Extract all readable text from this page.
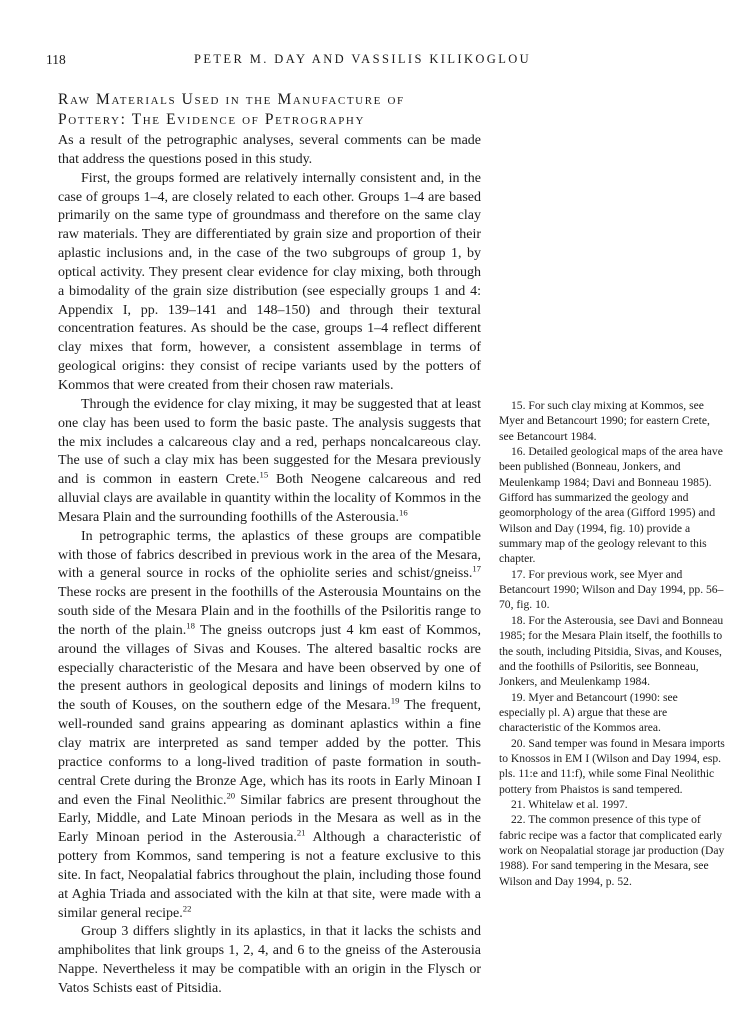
118	PETER M. DAY AND VASSILIS KILIKOGLOU
Raw Materials Used in the Manufacture of
Pottery: The Evidence of Petrography

As a result of the petrographic analyses, several comments can be made that address the questions posed in this study.

First, the groups formed are relatively internally consistent and, in the case of groups 1–4, are closely related to each other. Groups 1–4 are based primarily on the same type of groundmass and therefore on the same clay raw materials. They are differentiated by grain size and proportion of their aplastic inclusions and, in the case of the two subgroups of group 1, by optical activity. They present clear evidence for clay mixing, both through a bimodality of the grain size distribution (see especially groups 1 and 4: Appendix I, pp. 139–141 and 148–150) and through their textural concentration features. As should be the case, groups 1–4 reflect different clay mixes that form, however, a consistent assemblage in terms of geological origins: they consist of recipe variants used by the potters of Kommos that were created from their chosen raw materials.

Through the evidence for clay mixing, it may be suggested that at least one clay has been used to form the basic paste. The analysis suggests that the mix includes a calcareous clay and a red, perhaps noncalcareous clay. The use of such a clay mix has been suggested for the Mesara previously and is common in eastern Crete.$^{15}$ Both Neogene calcareous and red alluvial clays are available in quantity within the locality of Kommos in the Mesara Plain and the surrounding foothills of the Asterousia.$^{16}$

In petrographic terms, the aplastics of these groups are compatible with those of fabrics described in previous work in the area of the Mesara, with a general source in rocks of the ophiolite series and schist/gneiss.$^{17}$ These rocks are present in the foothills of the Asterousia Mountains on the south side of the Mesara Plain and in the foothills of the Psiloritis range to the north of the plain.$^{18}$ The gneiss outcrops just 4 km east of Kommos, around the villages of Sivas and Kouses. The altered basaltic rocks are especially characteristic of the Mesara and have been observed by one of the present authors in geological deposits and linings of modern kilns to the south of Kouses, on the southern edge of the Mesara.$^{19}$ The frequent, well-rounded sand grains appearing as dominant aplastics within a fine clay matrix are interpreted as sand temper added by the potter. This practice conforms to a long-lived tradition of paste formation in south-central Crete during the Bronze Age, which has its roots in Early Minoan I and even the Final Neolithic.$^{20}$ Similar fabrics are present throughout the Early, Middle, and Late Minoan periods in the Mesara as well as in the Early Minoan period in the Asterousia.$^{21}$ Although a characteristic of pottery from Kommos, sand tempering is not a feature exclusive to this site. In fact, Neopalatial fabrics throughout the plain, including those found at Aghia Triada and associated with the kiln at that site, were made with a similar general recipe.$^{22}$

Group 3 differs slightly in its aplastics, in that it lacks the schists and amphibolites that link groups 1, 2, 4, and 6 to the gneiss of the Asterousia Nappe. Nevertheless it may be compatible with an origin in the Flysch or Vatos Schists east of Pitsidia.

15. For such clay mixing at Kommos, see Myer and Betancourt 1990; for eastern Crete, see Betancourt 1984.

16. Detailed geological maps of the area have been published (Bonneau, Jonkers, and Meulenkamp 1984; Davi and Bonneau 1985). Gifford has summarized the geology and geomorphology of the area (Gifford 1995) and Wilson and Day (1994, fig. 10) provide a summary map of the geology relevant to this chapter.

17. For previous work, see Myer and Betancourt 1990; Wilson and Day 1994, pp. 56–70, fig. 10.

18. For the Asterousia, see Davi and Bonneau 1985; for the Mesara Plain itself, the foothills to the south, including Pitsidia, Sivas, and Kouses, and the foothills of Psiloritis, see Bonneau, Jonkers, and Meulenkamp 1984.

19. Myer and Betancourt (1990: see especially pl. A) argue that these are characteristic of the Kommos area.

20. Sand temper was found in Mesara imports to Knossos in EM I (Wilson and Day 1994, esp. pls. 11:e and 11:f), while some Final Neolithic pottery from Phaistos is sand tempered.

21. Whitelaw et al. 1997.

22. The common presence of this type of fabric recipe was a factor that complicated early work on Neopalatial storage jar production (Day 1988). For sand tempering in the Mesara, see Wilson and Day 1994, p. 52.
